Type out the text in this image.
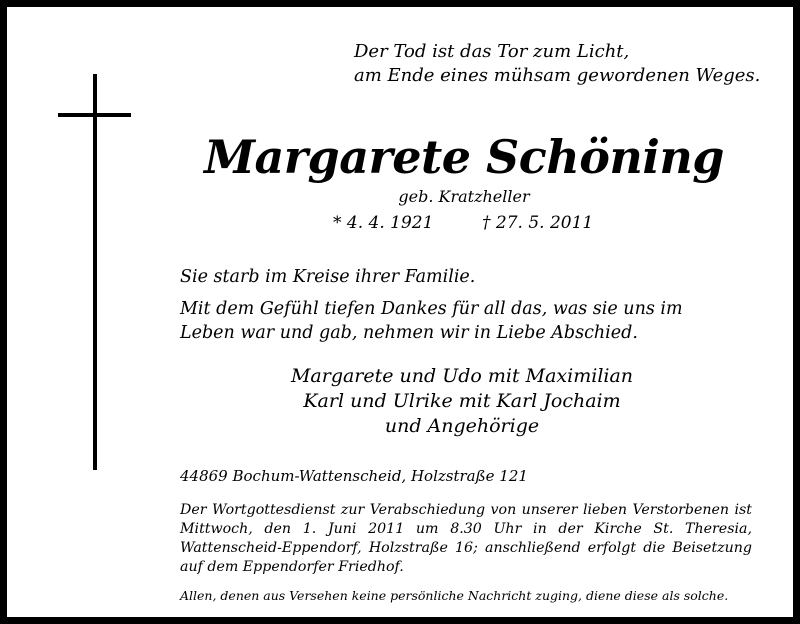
Der Tod ist das Tor zum Licht,
am Ende eines mühsam gewordenen Weges.
Margarete Schöning
geb. Kratzheller
* 4. 4. 1921	† 27. 5. 2011

Sie starb im Kreise ihrer Familie.

Mit dem Gefühl tiefen Dankes für all das, was sie uns im Leben war und gab, nehmen wir in Liebe Abschied.

Margarete und Udo mit Maximilian
Karl und Ulrike mit Karl Jochaim
und Angehörige
44869 Bochum-Wattenscheid, Holzstraße 121
Der Wortgottesdienst zur Verabschiedung von unserer lieben Verstorbenen ist Mittwoch, den 1. Juni 2011 um 8.30 Uhr in der Kirche St. Theresia, Wattenscheid-Eppendorf, Holzstraße 16; anschließend erfolgt die Beisetzung auf dem Eppendorfer Friedhof.
Allen, denen aus Versehen keine persönliche Nachricht zuging, diene diese als solche.
